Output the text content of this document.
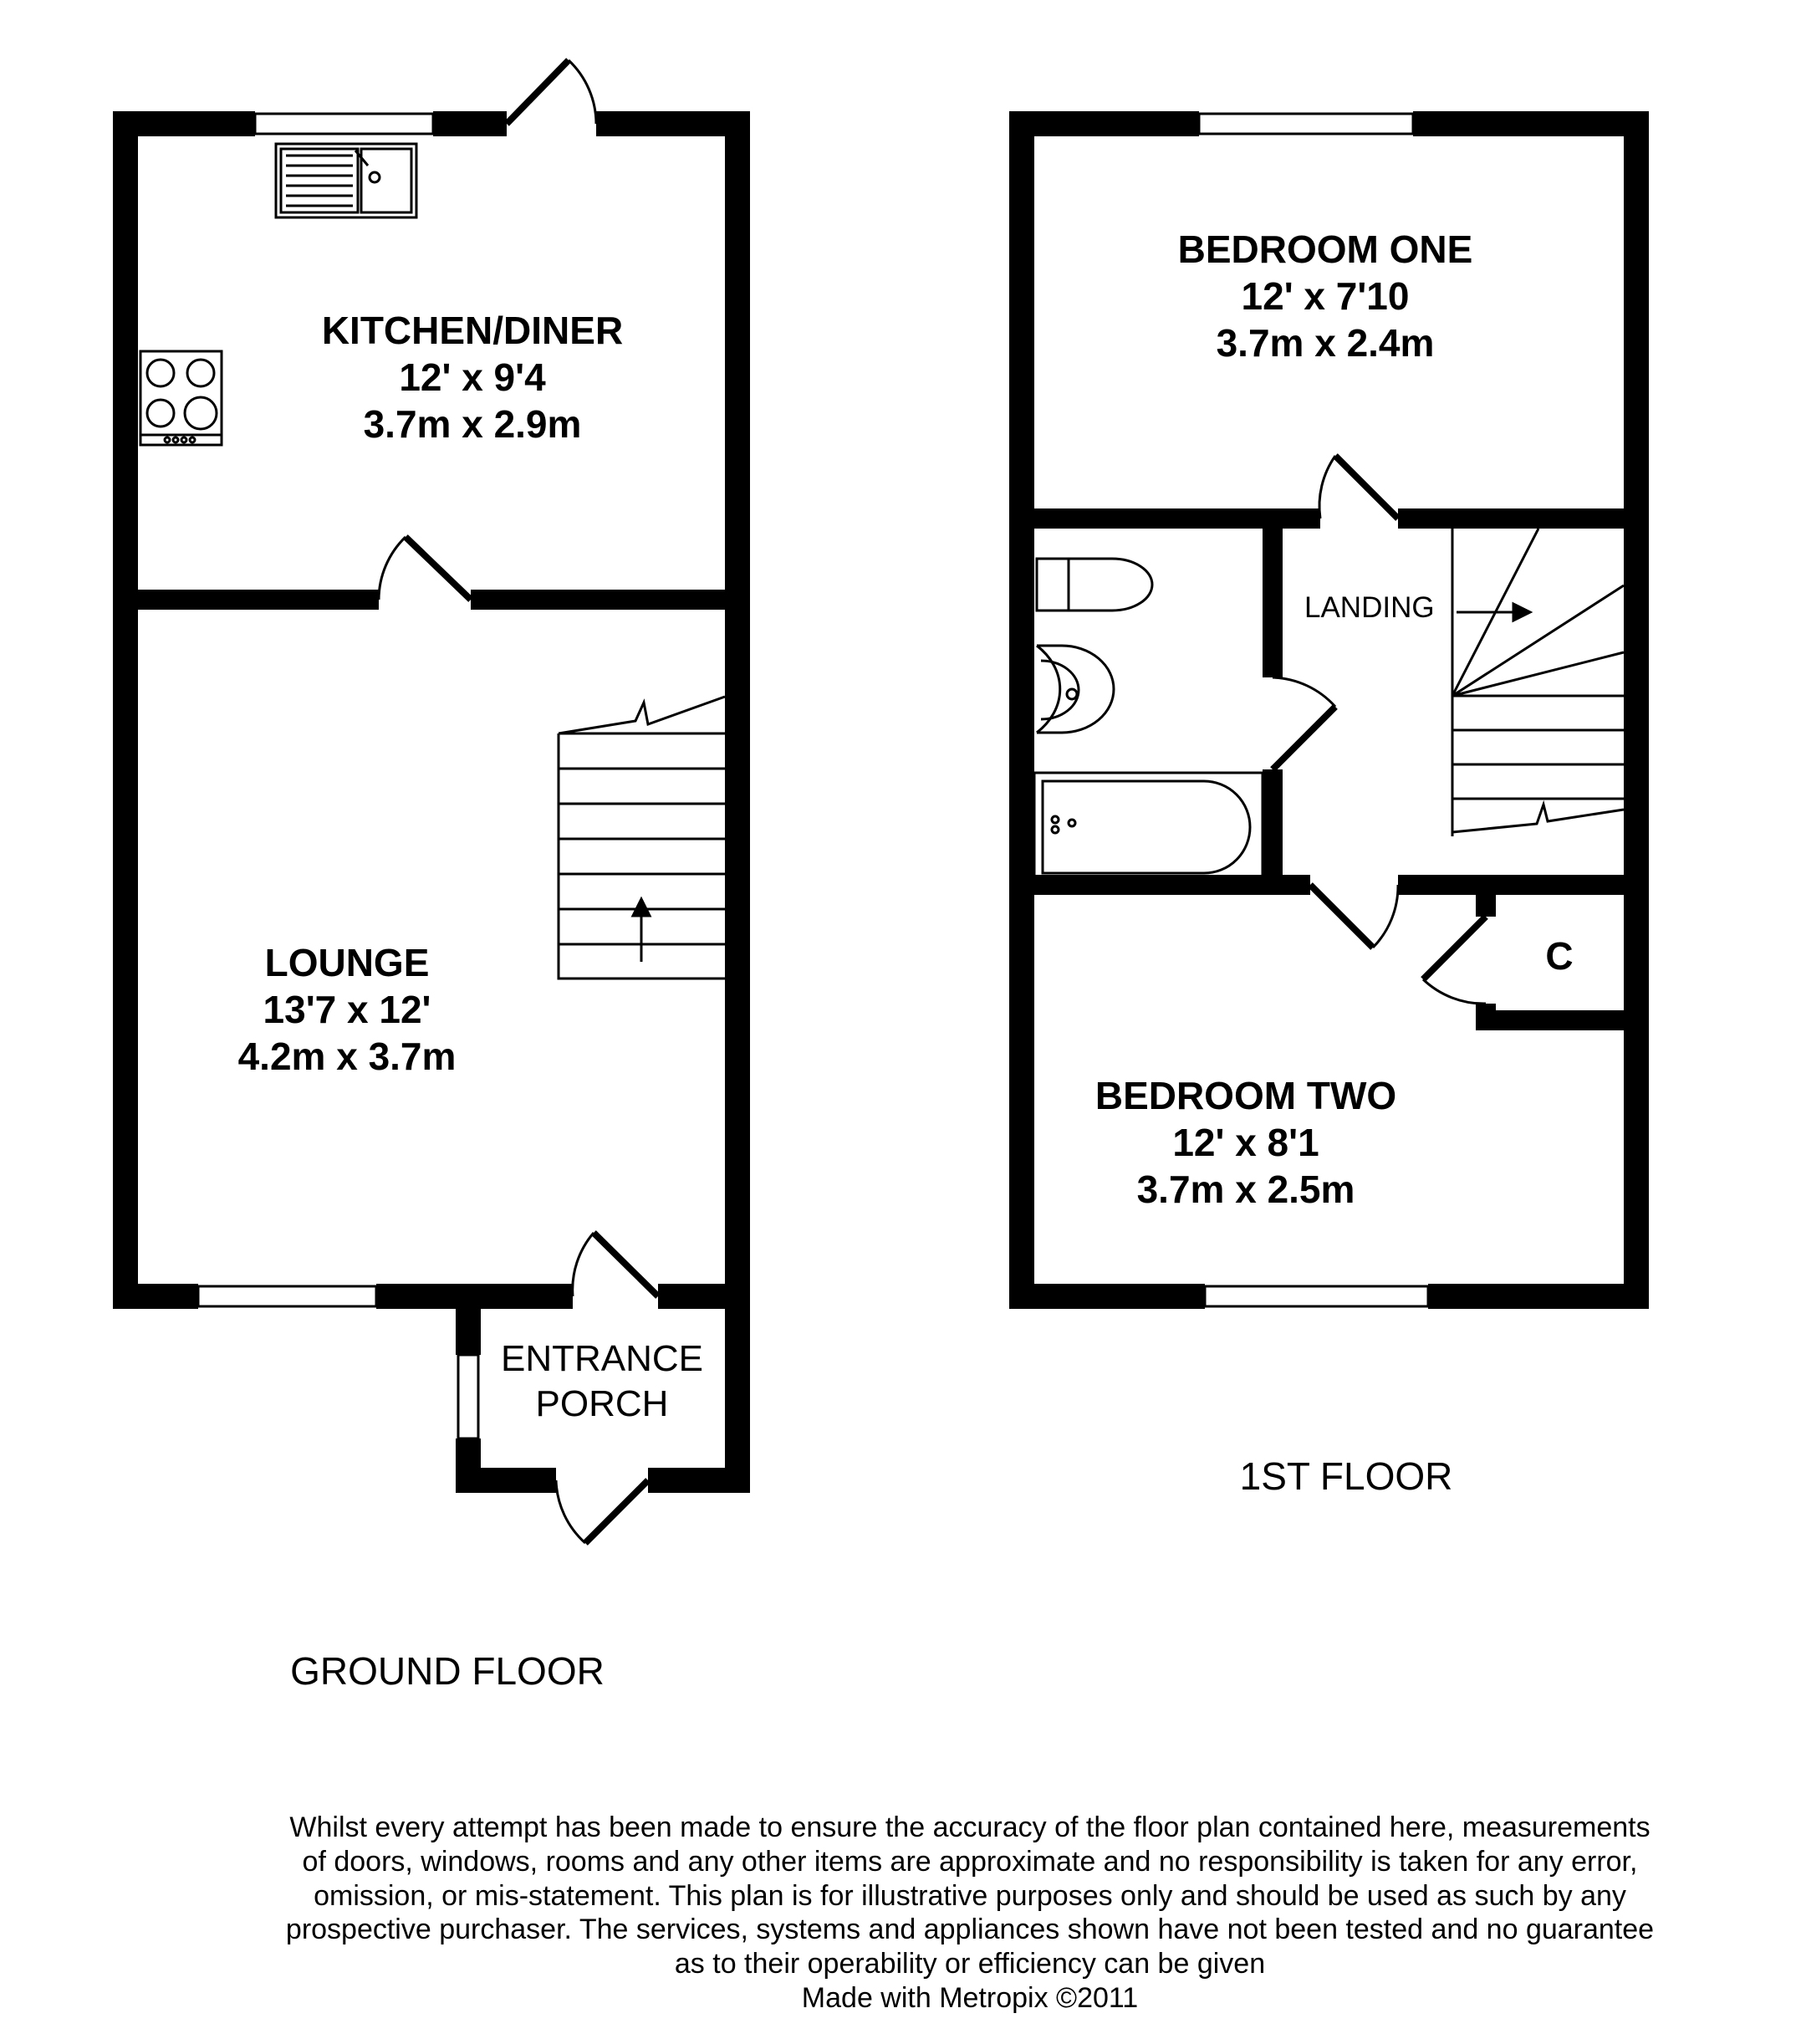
KITCHEN/DINER
12' x 9'4
3.7m x 2.9m
LOUNGE
13'7 x 12'
4.2m x 3.7m
ENTRANCE
PORCH
GROUND FLOOR
BEDROOM ONE
12' x 7'10
3.7m x 2.4m
LANDING
C
BEDROOM TWO
12' x 8'1
3.7m x 2.5m
1ST FLOOR
Whilst every attempt has been made to ensure the accuracy of the floor plan contained here, measurements
of doors, windows, rooms and any other items are approximate and no responsibility is taken for any error,
omission, or mis-statement. This plan is for illustrative purposes only and should be used as such by any
prospective purchaser. The services, systems and appliances shown have not been tested and no guarantee
as to their operability or efficiency can be given
Made with Metropix ©2011
